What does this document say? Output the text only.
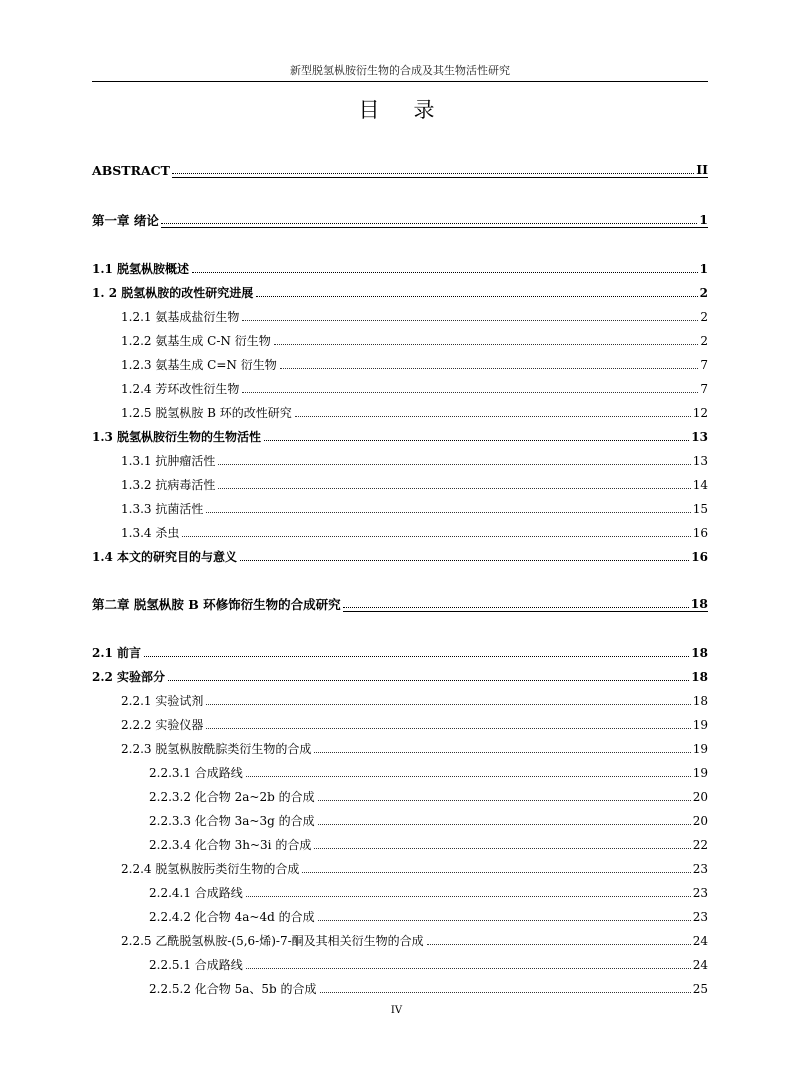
新型脱氢枞胺衍生物的合成及其生物活性研究
目录
ABSTRACT	II
第一章 绪论	1
1.1 脱氢枞胺概述	1
1. 2 脱氢枞胺的改性研究进展	2
1.2.1 氨基成盐衍生物	2
1.2.2 氨基生成 C-N 衍生物	2
1.2.3 氨基生成 C=N 衍生物	7
1.2.4 芳环改性衍生物	7
1.2.5 脱氢枞胺 B 环的改性研究	12
1.3 脱氢枞胺衍生物的生物活性	13
1.3.1 抗肿瘤活性	13
1.3.2 抗病毒活性	14
1.3.3 抗菌活性	15
1.3.4 杀虫	16
1.4 本文的研究目的与意义	16
第二章 脱氢枞胺 B 环修饰衍生物的合成研究	18
2.1 前言	18
2.2 实验部分	18
2.2.1 实验试剂	18
2.2.2 实验仪器	19
2.2.3 脱氢枞胺酰腙类衍生物的合成	19
2.2.3.1 合成路线	19
2.2.3.2 化合物 2a~2b 的合成	20
2.2.3.3 化合物 3a~3g 的合成	20
2.2.3.4 化合物 3h~3i 的合成	22
2.2.4 脱氢枞胺肟类衍生物的合成	23
2.2.4.1 合成路线	23
2.2.4.2 化合物 4a~4d 的合成	23
2.2.5 乙酰脱氢枞胺-(5,6-烯)-7-酮及其相关衍生物的合成	24
2.2.5.1 合成路线	24
2.2.5.2 化合物 5a、5b 的合成	25
IV
